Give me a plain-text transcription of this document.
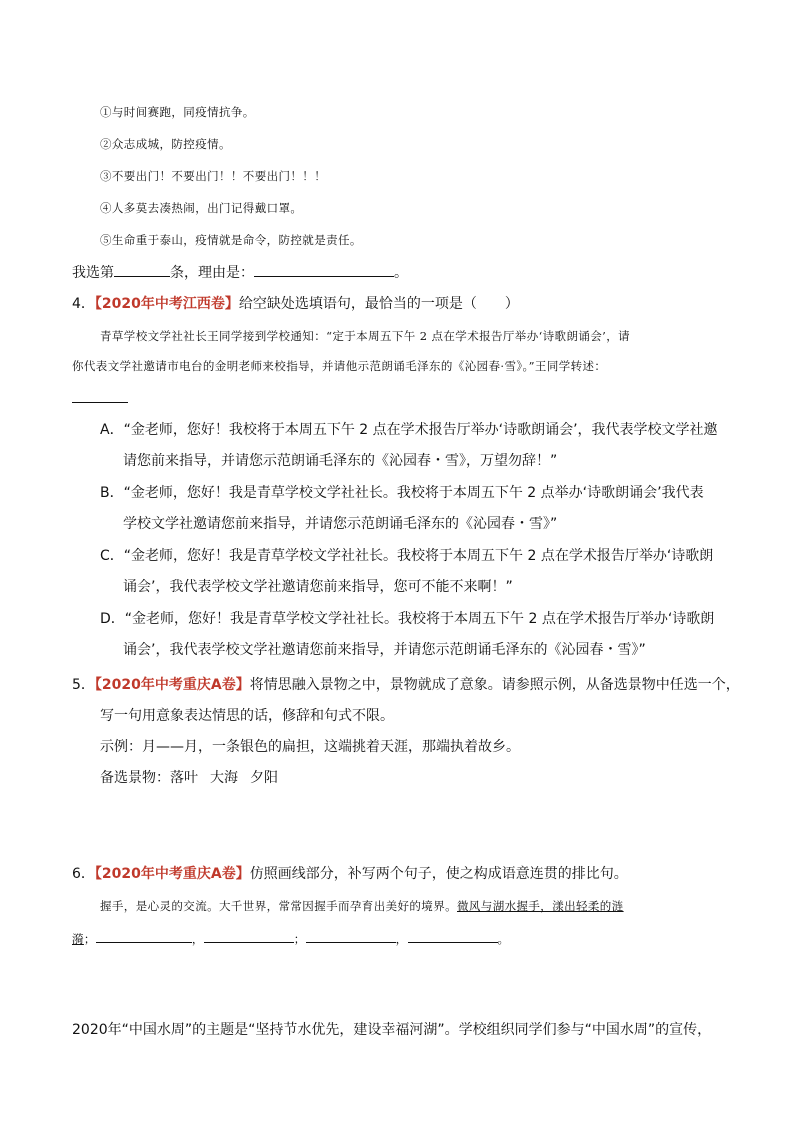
①与时间赛跑，同疫情抗争。
②众志成城，防控疫情。
③不要出门！不要出门！！不要出门！！！
④人多莫去凑热闹，出门记得戴口罩。
⑤生命重于泰山，疫情就是命令，防控就是责任。
我选第	条，理由是：	。
4．【2020年中考江西卷】给空缺处选填语句，最恰当的一项是（　　）
青草学校文学社社长王同学接到学校通知：“定于本周五下午 2 点在学术报告厅举办‘诗歌朗诵会’，请
你代表文学社邀请市电台的金明老师来校指导，并请他示范朗诵毛泽东的《沁园春·雪》。”王同学转述：
A．“金老师，您好！我校将于本周五下午 2 点在学术报告厅举办‘诗歌朗诵会’，我代表学校文学社邀
请您前来指导，并请您示范朗诵毛泽东的《沁园春・雪》，万望勿辞！”
B．“金老师，您好！我是青草学校文学社社长。我校将于本周五下午 2 点举办‘诗歌朗诵会’我代表
学校文学社邀请您前来指导，并请您示范朗诵毛泽东的《沁园春・雪》”
C．“金老师，您好！我是青草学校文学社社长。我校将于本周五下午 2 点在学术报告厅举办‘诗歌朗
诵会’，我代表学校文学社邀请您前来指导，您可不能不来啊！”
D．“金老师，您好！我是青草学校文学社社长。我校将于本周五下午 2 点在学术报告厅举办‘诗歌朗
诵会’，我代表学校文学社邀请您前来指导，并请您示范朗诵毛泽东的《沁园春・雪》”
5．【2020年中考重庆A卷】将情思融入景物之中，景物就成了意象。请参照示例，从备选景物中任选一个，
写一句用意象表达情思的话，修辞和句式不限。
示例：月——月，一条银色的扁担，这端挑着天涯，那端执着故乡。
备选景物：落叶 大海 夕阳
6．【2020年中考重庆A卷】仿照画线部分，补写两个句子，使之构成语意连贯的排比句。
握手，是心灵的交流。大千世界，常常因握手而孕育出美好的境界。微风与湖水握手，漾出轻柔的涟
漪；	，	；	，	。
2020年“中国水周”的主题是“坚持节水优先，建设幸福河湖”。学校组织同学们参与“中国水周”的宣传，
